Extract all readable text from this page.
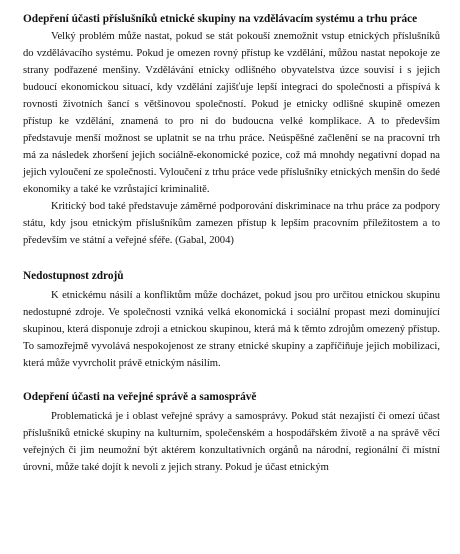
Odepření účasti příslušníků etnické skupiny na vzdělávacím systému a trhu práce

Velký problém může nastat, pokud se stát pokouší znemožnit vstup etnických příslušníků do vzdělávacího systému. Pokud je omezen rovný přístup ke vzdělání, můžou nastat nepokoje ze strany podřazené menšiny. Vzdělávání etnicky odlišného obyvatelstva úzce souvisí i s jejich budoucí ekonomickou situací, kdy vzdělání zajišťuje lepší integraci do společnosti a přispívá k rovnosti životních šancí s většinovou společností. Pokud je etnicky odlišné skupině omezen přístup ke vzdělání, znamená to pro ni do budoucna velké komplikace. A to především představuje menší možnost se uplatnit se na trhu práce. Neúspěšné začlenění se na pracovní trh má za následek zhoršení jejich sociálně-ekonomické pozice, což má mnohdy negativní dopad na jejich vyloučení ze společnosti. Vyloučení z trhu práce vede příslušníky etnických menšin do šedé ekonomiky a také ke vzrůstající kriminalitě.

Kritický bod také představuje záměrné podporování diskriminace na trhu práce za podpory státu, kdy jsou etnickým příslušníkům zamezen přístup k lepším pracovním příležitostem a to především ve státní a veřejné sféře. (Gabal, 2004)

Nedostupnost zdrojů

K etnickému násilí a konfliktům může docházet, pokud jsou pro určitou etnickou skupinu nedostupné zdroje. Ve společnosti vzniká velká ekonomická i sociální propast mezi dominující skupinou, která disponuje zdroji a etnickou skupinou, která má k těmto zdrojům omezený přístup. To samozřejmě vyvolává nespokojenost ze strany etnické skupiny a zapříčiňuje jejich mobilizaci, která může vyvrcholit právě etnickým násilím.

Odepření účasti na veřejné správě a samosprávě

Problematická je i oblast veřejné správy a samosprávy. Pokud stát nezajistí či omezí účast příslušníků etnické skupiny na kulturním, společenském a hospodářském životě a na správě věcí veřejných či jim neumožní být aktérem konzultativních orgánů na národní, regionální či místní úrovni, může také dojít k nevoli z jejich strany. Pokud je účast etnickým
